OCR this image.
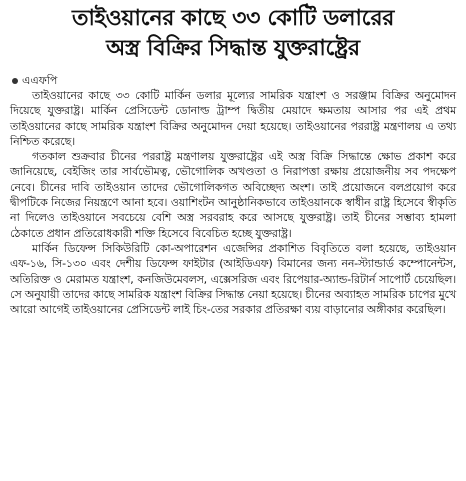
তাইওয়ানের কাছে ৩৩ কোটি ডলারের
অস্ত্র বিক্রির সিদ্ধান্ত যুক্তরাষ্ট্রের
এএফপি

তাইওয়ানের কাছে ৩৩ কোটি মার্কিন ডলার মূল্যের সামরিক যন্ত্রাংশ ও সরঞ্জাম বিক্রির অনুমোদন দিয়েছে যুক্তরাষ্ট্র। মার্কিন প্রেসিডেন্ট ডোনাল্ড ট্রাম্প দ্বিতীয় মেয়াদে ক্ষমতায় আসার পর এই প্রথম তাইওয়ানের কাছে সামরিক যন্ত্রাংশ বিক্রির অনুমোদন দেয়া হয়েছে। তাইওয়ানের পররাষ্ট্র মন্ত্রণালয় এ তথ্য নিশ্চিত করেছে।

গতকাল শুক্রবার চীনের পররাষ্ট্র মন্ত্রণালয় যুক্তরাষ্ট্রের এই অস্ত্র বিক্রি সিদ্ধান্তে ক্ষোভ প্রকাশ করে জানিয়েছে, বেইজিং তার সার্বভৌমত্ব, ভৌগোলিক অখণ্ডতা ও নিরাপত্তা রক্ষায় প্রয়োজনীয় সব পদক্ষেপ নেবে। চীনের দাবি তাইওয়ান তাদের ভৌগোলিকগত অবিচ্ছেদ্য অংশ। তাই প্রয়োজনে বলপ্রয়োগ করে দ্বীপটিকে নিজের নিয়ন্ত্রণে আনা হবে। ওয়াশিংটন আনুষ্ঠানিকভাবে তাইওয়ানকে স্বাধীন রাষ্ট্র হিসেবে স্বীকৃতি না দিলেও তাইওয়ানে সবচেয়ে বেশি অস্ত্র সরবরাহ করে আসছে যুক্তরাষ্ট্র। তাই চীনের সম্ভাব্য হামলা ঠেকাতে প্রধান প্রতিরোধকারী শক্তি হিসেবে বিবেচিত হচ্ছে যুক্তরাষ্ট্র।

মার্কিন ডিফেন্স সিকিউরিটি কো-অপারেশন এজেন্সির প্রকাশিত বিবৃতিতে বলা হয়েছে, তাইওয়ান এফ-১৬, সি-১৩০ এবং দেশীয় ডিফেন্স ফাইটার (আইডিএফ) বিমানের জন্য নন-স্ট্যান্ডার্ড কম্পোনেন্টস, অতিরিক্ত ও মেরামত যন্ত্রাংশ, কনজিউমেবলস, এক্সেসরিজ এবং রিপেয়ার-অ্যান্ড-রিটার্ন সাপোর্ট চেয়েছিল। সে অনুযায়ী তাদের কাছে সামরিক যন্ত্রাংশ বিক্রির সিদ্ধান্ত নেয়া হয়েছে। চীনের অব্যাহত সামরিক চাপের মুখে আরো আগেই তাইওয়ানের প্রেসিডেন্ট লাই চিং-তের সরকার প্রতিরক্ষা ব্যয় বাড়ানোর অঙ্গীকার করেছিল।
